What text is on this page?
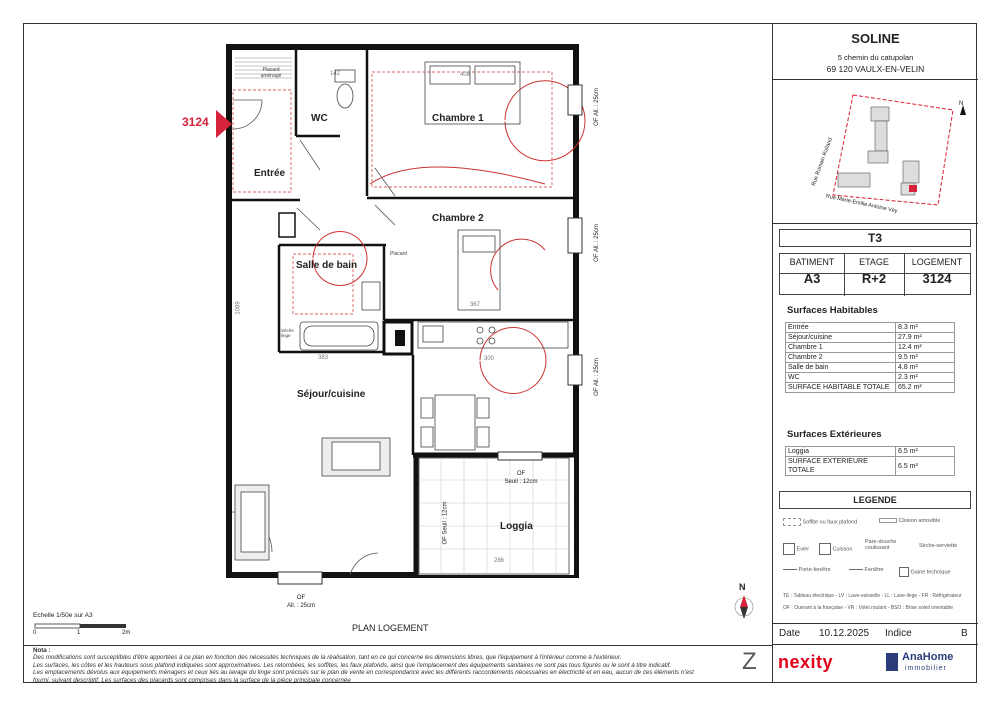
3124
Entrée
WC	Chambre 1
Chambre 2
Salle de bain
Séjour/cuisine
Loggia
Placard aménagé
Placard
Sèche linge
142	408
383
367
300
286
1089
OF All. : 25cm
OF All. : 25cm
OF All. : 25cm
OF
All. : 25cm
OF
Seuil : 12cm
OF Seuil : 12cm
N
Echelle 1/50e sur A3
0	1	2m	PLAN LOGEMENT
Nota :
Des modifications sont susceptibles d'être apportées à ce plan en fonction des nécessités techniques de la réalisation, tant en ce qui concerne les dimensions libres, que l'équipement à l'intérieur comme à l'extérieur.
Les surfaces, les côtes et les hauteurs sous plafond indiquées sont approximatives. Les retombées, les soffites, les faux plafonds, ainsi que l'emplacement des équipements sanitaires ne sont pas tous figurés ou le sont à titre indicatif.
Les emplacements dévolus aux équipements ménagers et ceux liés au lavage du linge sont précisés sur le plan de vente en correspondance avec les différents raccordements nécessaires en électricité et en eau, aucun de ces éléments n'est
fourni, suivant descriptif. Les surfaces des placards sont comprises dans la surface de la pièce principale concernée
SOLINE
5 chemin du catupolan
69 120 VAULX-EN-VELIN
N
Rue Romain Rolland
Rue Marie-Emilie Antoine Véy
T3
BATIMENT
A3
ETAGE
R+2
LOGEMENT
3124
Surfaces Habitables
Entrée	8.3 m²
Séjour/cuisine	27.9 m²
Chambre 1	12.4 m²
Chambre 2	9.5 m²
Salle de bain	4.8 m²
WC	2.3 m²
SURFACE HABITABLE TOTALE	65.2 m²
Surfaces Extérieures
Loggia	6.5 m²
SURFACE EXTERIEURE TOTALE	6.5 m²
LEGENDE
Soffite ou faux plafond	Cloison amovible
Evier	Cuisson
Pare-douche coulissant	Sèche-serviette
Porte-fenêtre	Fenêtre	Gaine technique
TE : Tableau électrique - LV : Lave-vaisselle - LL : Lave-linge - FR : Réfrigérateur
OF : Ouvrant à la française - VR : Volet roulant - BSO : Brise soleil orientable
Date 10.12.2025 Indice	B
Z nexity	AnaHome
immobilier
